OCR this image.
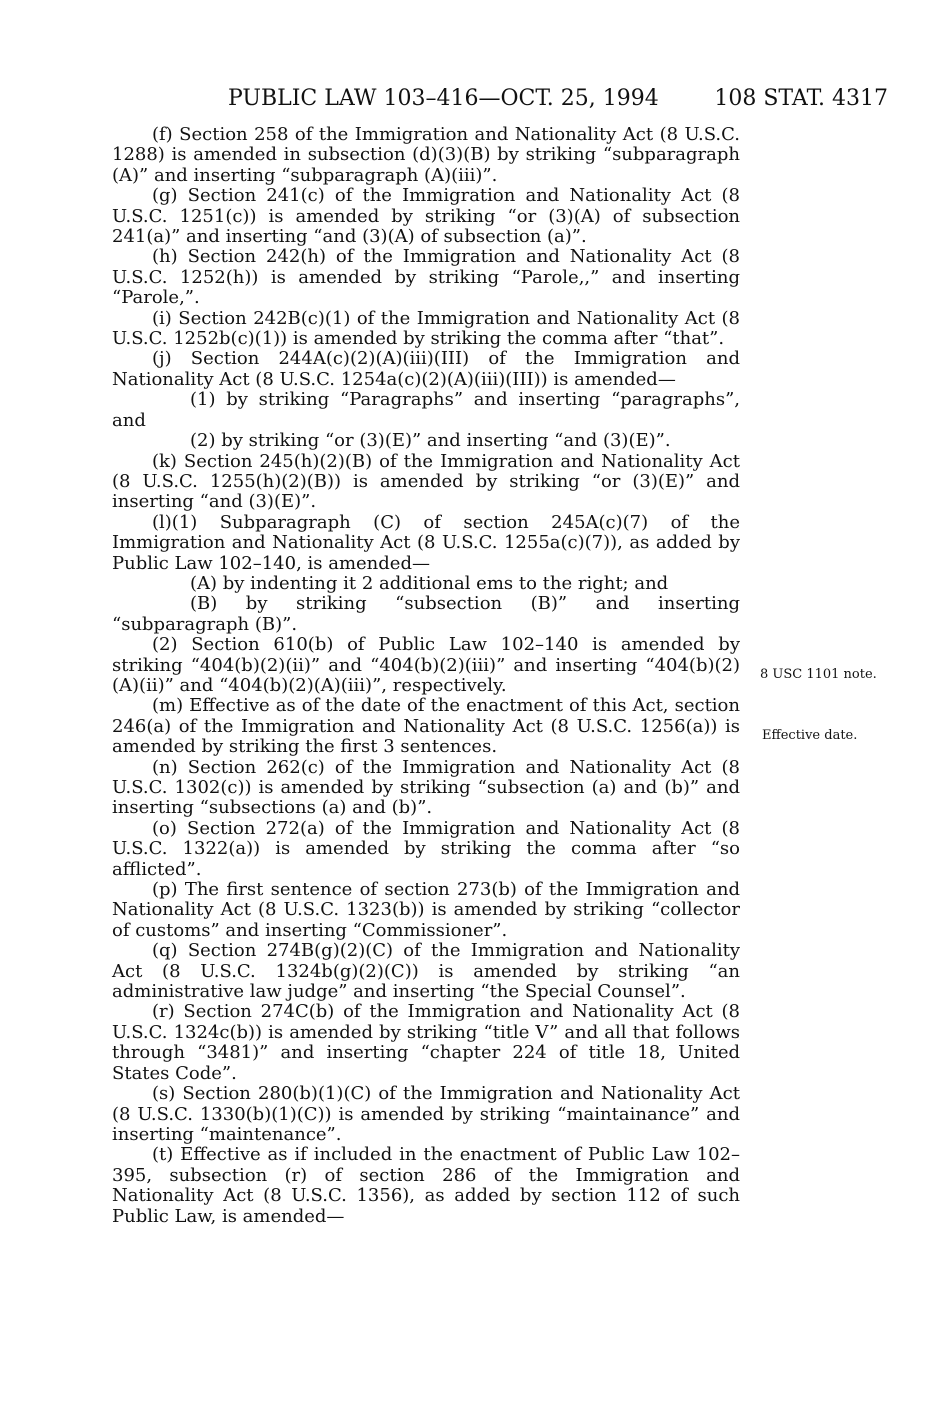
PUBLIC LAW 103–416—OCT. 25, 1994	108 STAT. 4317

(f) Section 258 of the Immigration and Nationality Act (8 U.S.C. 1288) is amended in subsection (d)(3)(B) by striking “subparagraph (A)” and inserting “subparagraph (A)(iii)”.

(g) Section 241(c) of the Immigration and Nationality Act (8 U.S.C. 1251(c)) is amended by striking “or (3)(A) of subsection 241(a)” and inserting “and (3)(A) of subsection (a)”.

(h) Section 242(h) of the Immigration and Nationality Act (8 U.S.C. 1252(h)) is amended by striking “Parole,,” and inserting “Parole,”.

(i) Section 242B(c)(1) of the Immigration and Nationality Act (8 U.S.C. 1252b(c)(1)) is amended by striking the comma after “that”.

(j) Section 244A(c)(2)(A)(iii)(III) of the Immigration and Nationality Act (8 U.S.C. 1254a(c)(2)(A)(iii)(III)) is amended—

(1) by striking “Paragraphs” and inserting “paragraphs”, and

(2) by striking “or (3)(E)” and inserting “and (3)(E)”.

(k) Section 245(h)(2)(B) of the Immigration and Nationality Act (8 U.S.C. 1255(h)(2)(B)) is amended by striking “or (3)(E)” and inserting “and (3)(E)”.

(l)(1) Subparagraph (C) of section 245A(c)(7) of the Immigration and Nationality Act (8 U.S.C. 1255a(c)(7)), as added by Public Law 102–140, is amended—

(A) by indenting it 2 additional ems to the right; and

(B) by striking “subsection (B)” and inserting “subparagraph (B)”.

(2) Section 610(b) of Public Law 102–140 is amended by striking “404(b)(2)(ii)” and “404(b)(2)(iii)” and inserting “404(b)(2)(A)(ii)” and “404(b)(2)(A)(iii)”, respectively.

(m) Effective as of the date of the enactment of this Act, section 246(a) of the Immigration and Nationality Act (8 U.S.C. 1256(a)) is amended by striking the first 3 sentences.

(n) Section 262(c) of the Immigration and Nationality Act (8 U.S.C. 1302(c)) is amended by striking “subsection (a) and (b)” and inserting “subsections (a) and (b)”.

(o) Section 272(a) of the Immigration and Nationality Act (8 U.S.C. 1322(a)) is amended by striking the comma after “so afflicted”.

(p) The first sentence of section 273(b) of the Immigration and Nationality Act (8 U.S.C. 1323(b)) is amended by striking “collector of customs” and inserting “Commissioner”.

(q) Section 274B(g)(2)(C) of the Immigration and Nationality Act (8 U.S.C. 1324b(g)(2)(C)) is amended by striking “an administrative law judge” and inserting “the Special Counsel”.

(r) Section 274C(b) of the Immigration and Nationality Act (8 U.S.C. 1324c(b)) is amended by striking “title V” and all that follows through “3481)” and inserting “chapter 224 of title 18, United States Code”.

(s) Section 280(b)(1)(C) of the Immigration and Nationality Act (8 U.S.C. 1330(b)(1)(C)) is amended by striking “maintainance” and inserting “maintenance”.

(t) Effective as if included in the enactment of Public Law 102–395, subsection (r) of section 286 of the Immigration and Nationality Act (8 U.S.C. 1356), as added by section 112 of such Public Law, is amended—

8 USC 1101 note.
Effective date.
